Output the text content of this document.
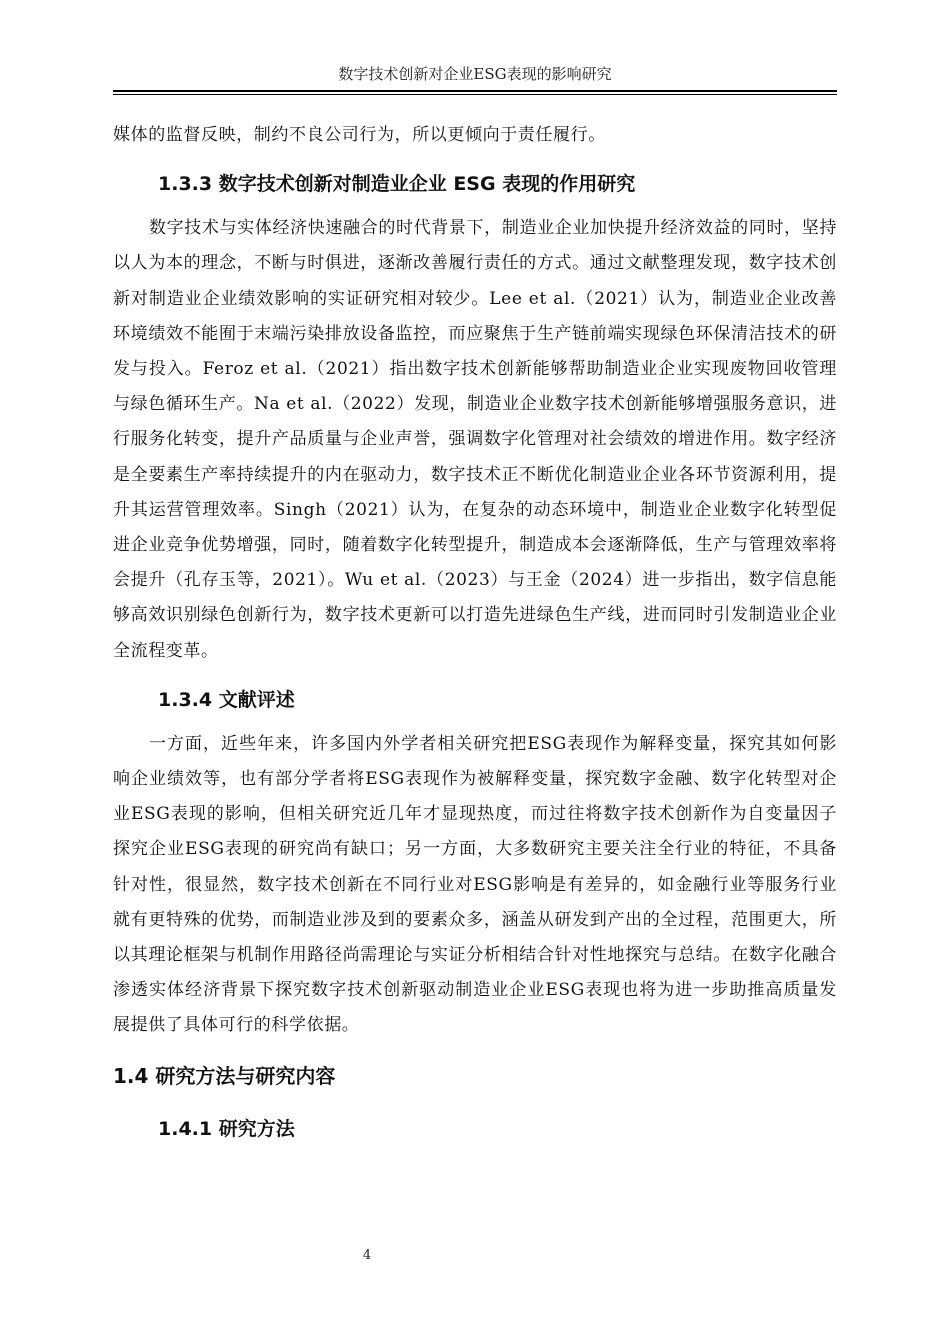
数字技术创新对企业ESG表现的影响研究

媒体的监督反映，制约不良公司行为，所以更倾向于责任履行。

1.3.3 数字技术创新对制造业企业 ESG 表现的作用研究

数字技术与实体经济快速融合的时代背景下，制造业企业加快提升经济效益的同时，坚持以人为本的理念，不断与时俱进，逐渐改善履行责任的方式。通过文献整理发现，数字技术创新对制造业企业绩效影响的实证研究相对较少。Lee et al.（2021）认为，制造业企业改善环境绩效不能囿于末端污染排放设备监控，而应聚焦于生产链前端实现绿色环保清洁技术的研发与投入。Feroz et al.（2021）指出数字技术创新能够帮助制造业企业实现废物回收管理与绿色循环生产。Na et al.（2022）发现，制造业企业数字技术创新能够增强服务意识，进行服务化转变，提升产品质量与企业声誉，强调数字化管理对社会绩效的增进作用。数字经济是全要素生产率持续提升的内在驱动力，数字技术正不断优化制造业企业各环节资源利用，提升其运营管理效率。Singh（2021）认为，在复杂的动态环境中，制造业企业数字化转型促进企业竞争优势增强，同时，随着数字化转型提升，制造成本会逐渐降低，生产与管理效率将会提升（孔存玉等，2021）。Wu et al.（2023）与王金（2024）进一步指出，数字信息能够高效识别绿色创新行为，数字技术更新可以打造先进绿色生产线，进而同时引发制造业企业全流程变革。

1.3.4 文献评述

一方面，近些年来，许多国内外学者相关研究把ESG表现作为解释变量，探究其如何影响企业绩效等，也有部分学者将ESG表现作为被解释变量，探究数字金融、数字化转型对企业ESG表现的影响，但相关研究近几年才显现热度，而过往将数字技术创新作为自变量因子探究企业ESG表现的研究尚有缺口；另一方面，大多数研究主要关注全行业的特征，不具备针对性，很显然，数字技术创新在不同行业对ESG影响是有差异的，如金融行业等服务行业就有更特殊的优势，而制造业涉及到的要素众多，涵盖从研发到产出的全过程，范围更大，所以其理论框架与机制作用路径尚需理论与实证分析相结合针对性地探究与总结。在数字化融合渗透实体经济背景下探究数字技术创新驱动制造业企业ESG表现也将为进一步助推高质量发展提供了具体可行的科学依据。

1.4 研究方法与研究内容
1.4.1 研究方法
4
